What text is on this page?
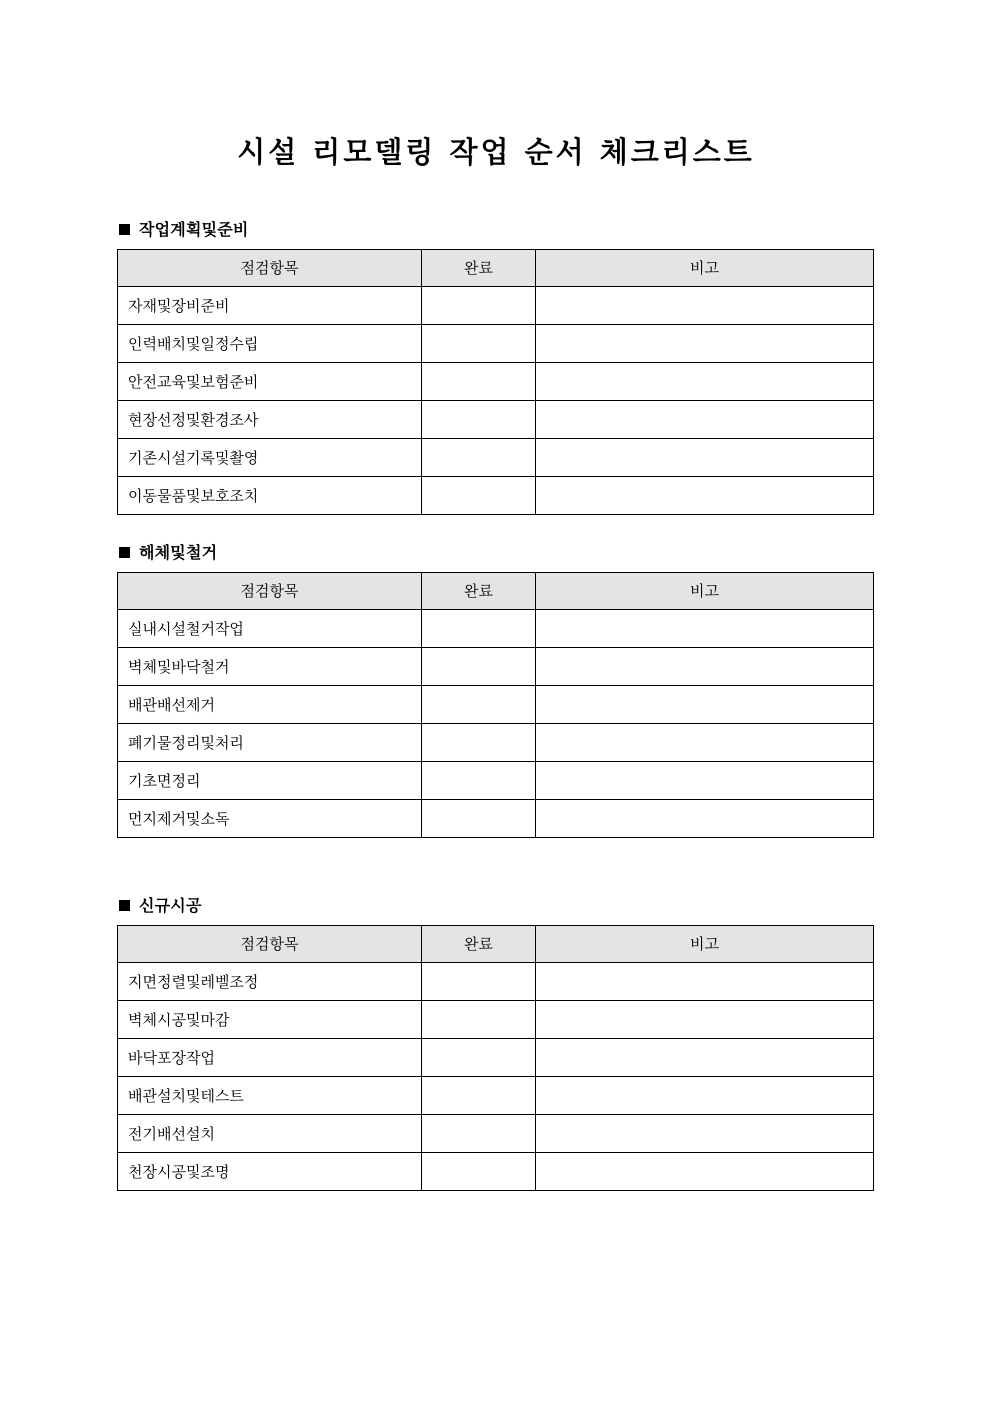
시설 리모델링 작업 순서 체크리스트
작업계획및준비
점검항목	완료	비고
자재및장비준비		
인력배치및일정수립		
안전교육및보험준비		
현장선정및환경조사		
기존시설기록및촬영		
이동물품및보호조치		
해체및철거
점검항목	완료	비고
실내시설철거작업		
벽체및바닥철거		
배관배선제거		
폐기물정리및처리		
기초면정리		
먼지제거및소독		
신규시공
점검항목	완료	비고
지면정렬및레벨조정		
벽체시공및마감		
바닥포장작업		
배관설치및테스트		
전기배선설치		
천장시공및조명		
